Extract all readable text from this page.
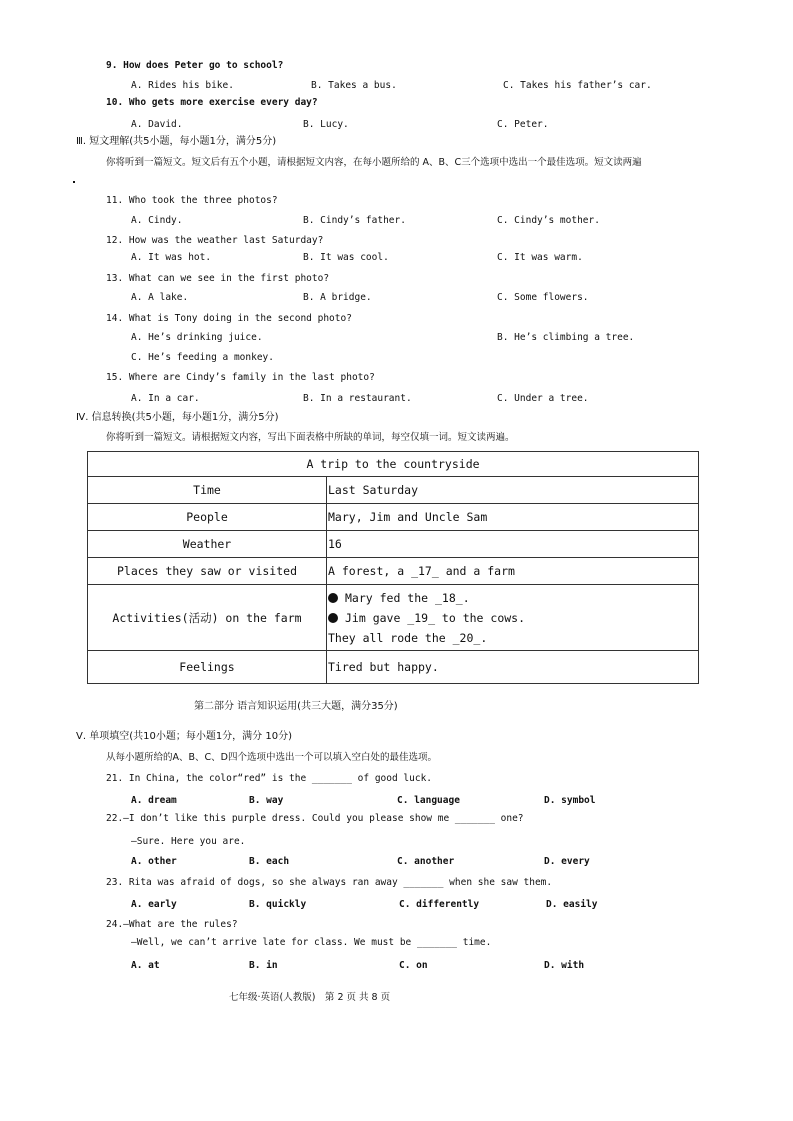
9. How does Peter go to school?
A. Rides his bike.	B. Takes a bus.	C. Takes his father’s car.
10. Who gets more exercise every day?
A. David.	B. Lucy.	C. Peter.
Ⅲ. 短文理解(共5小题，每小题1分，满分5分)
你将听到一篇短文。短文后有五个小题，请根据短文内容，在每小题所给的 A、B、C三个选项中选出一个最佳选项。短文读两遍
11. Who took the three photos?
A. Cindy.	B. Cindy’s father.	C. Cindy’s mother.
12. How was the weather last Saturday?
A. It was hot.	B. It was cool.	C. It was warm.
13. What can we see in the first photo?
A. A lake.	B. A bridge.	C. Some flowers.
14. What is Tony doing in the second photo?
A. He’s drinking juice.	B. He’s climbing a tree.
C. He’s feeding a monkey.
15. Where are Cindy’s family in the last photo?
A. In a car.	B. In a restaurant.	C. Under a tree.
Ⅳ. 信息转换(共5小题，每小题1分，满分5分)
你将听到一篇短文。请根据短文内容，写出下面表格中所缺的单词，每空仅填一词。短文读两遍。
A trip to the countryside	
Time	Last Saturday
People	Mary, Jim and Uncle Sam
Weather	16
Places they saw or visited	A forest, a _17_ and a farm
Activities(活动) on the farm	Mary fed the _18_.
Jim gave _19_ to the cows.
They all rode the _20_.

Feelings	Tired but happy.
第二部分 语言知识运用(共三大题，满分35分)
Ⅴ. 单项填空(共10小题；每小题1分，满分 10分)
从每小题所给的A、B、C、D四个选项中选出一个可以填入空白处的最佳选项。
21. In China, the color“red” is the _______ of good luck.
A. dream	B. way	C. language	D. symbol
22.—I don’t like this purple dress. Could you please show me _______ one?
—Sure. Here you are.
A. other	B. each	C. another	D. every
23. Rita was afraid of dogs, so she always ran away _______ when she saw them.
A. early	B. quickly	C. differently	D. easily
24.—What are the rules?
—Well, we can’t arrive late for class. We must be _______ time.
A. at	B. in	C. on	D. with
七年级·英语(人教版)　第 2 页 共 8 页
